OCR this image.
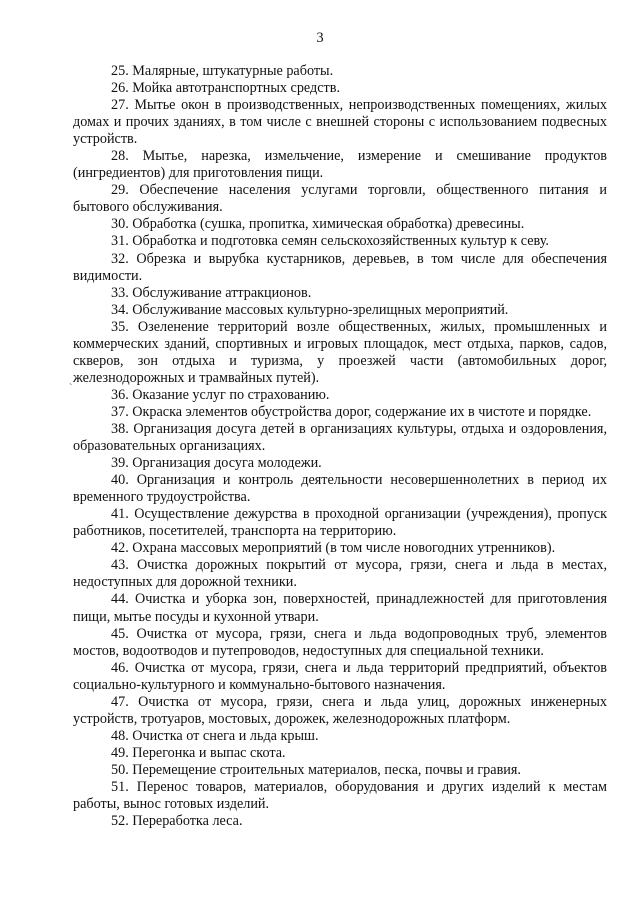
3
`

25. Малярные, штукатурные работы.

26. Мойка автотранспортных средств.

27. Мытье окон в производственных, непроизводственных помещениях, жилых домах и прочих зданиях, в том числе с внешней стороны с использованием подвесных устройств.

28. Мытье, нарезка, измельчение, измерение и смешивание продуктов (ингредиентов) для приготовления пищи.

29. Обеспечение населения услугами торговли, общественного питания и бытового обслуживания.

30. Обработка (сушка, пропитка, химическая обработка) древесины.

31. Обработка и подготовка семян сельскохозяйственных культур к севу.

32. Обрезка и вырубка кустарников, деревьев, в том числе для обеспечения видимости.

33. Обслуживание аттракционов.

34. Обслуживание массовых культурно-зрелищных мероприятий.

35. Озеленение территорий возле общественных, жилых, промышленных и коммерческих зданий, спортивных и игровых площадок, мест отдыха, парков, садов, скверов, зон отдыха и туризма, у проезжей части (автомобильных дорог, железнодорожных и трамвайных путей).

36. Оказание услуг по страхованию.

37. Окраска элементов обустройства дорог, содержание их в чистоте и порядке.

38. Организация досуга детей в организациях культуры, отдыха и оздоровления, образовательных организациях.

39. Организация досуга молодежи.

40. Организация и контроль деятельности несовершеннолетних в период их временного трудоустройства.

41. Осуществление дежурства в проходной организации (учреждения), пропуск работников, посетителей, транспорта на территорию.

42. Охрана массовых мероприятий (в том числе новогодних утренников).

43. Очистка дорожных покрытий от мусора, грязи, снега и льда в местах, недоступных для дорожной техники.

44. Очистка и уборка зон, поверхностей, принадлежностей для приготовления пищи, мытье посуды и кухонной утвари.

45. Очистка от мусора, грязи, снега и льда водопроводных труб, элементов мостов, водоотводов и путепроводов, недоступных для специальной техники.

46. Очистка от мусора, грязи, снега и льда территорий предприятий, объектов социально-культурного и коммунально-бытового назначения.

47. Очистка от мусора, грязи, снега и льда улиц, дорожных инженерных устройств, тротуаров, мостовых, дорожек, железнодорожных платформ.

48. Очистка от снега и льда крыш.

49. Перегонка и выпас скота.

50. Перемещение строительных материалов, песка, почвы и гравия.

51. Перенос товаров, материалов, оборудования и других изделий к местам работы, вынос готовых изделий.

52. Переработка леса.
